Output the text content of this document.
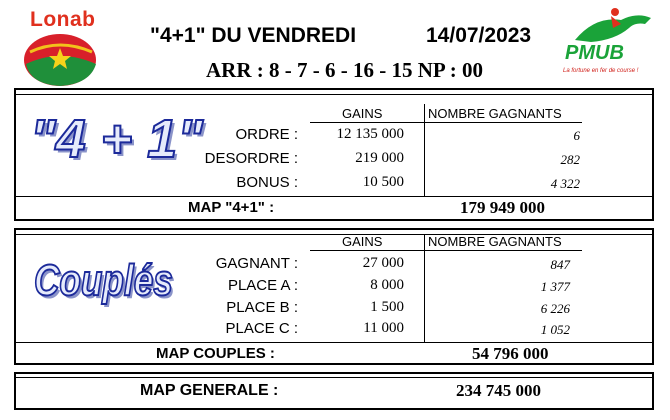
Lonab
"4+1" DU VENDREDI	14/07/2023
ARR : 8 - 7 - 6 - 16 - 15 NP : 00
PMUB
La fortune en fer de course !
"4 + 1"	GAINS	NOMBRE GAGNANTS
ORDRE :	12 135 000	6
DESORDRE :	219 000	282
BONUS :	10 500	4 322
MAP "4+1" :	179 949 000
Couplés
GAINS	NOMBRE GAGNANTS
GAGNANT :	27 000	847
PLACE A :	8 000	1 377
PLACE B :	1 500	6 226
PLACE C :	11 000	1 052
MAP COUPLES :	54 796 000
MAP GENERALE :	234 745 000
